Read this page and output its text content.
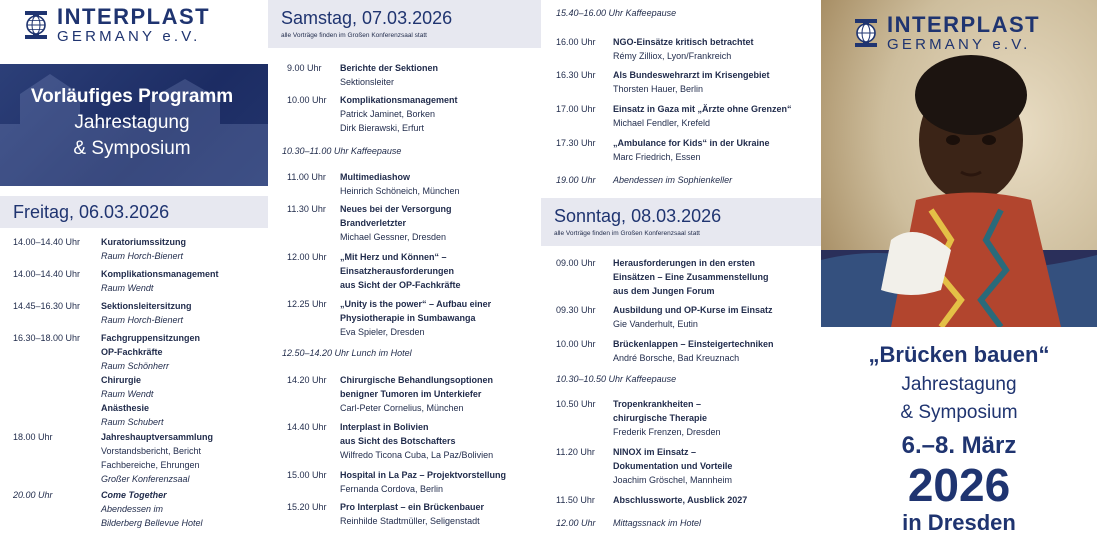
INTERPLAST
GERMANY e.V.
Vorläufiges Programm
Jahrestagung
& Symposium
Freitag, 06.03.2026
14.00–14.40 Uhr Kuratoriumssitzung
Raum Horch-Bienert
14.00–14.40 Uhr Komplikationsmanagement
Raum Wendt
14.45–16.30 Uhr Sektionsleitersitzung
Raum Horch-Bienert
16.30–18.00 Uhr Fachgruppensitzungen
OP-Fachkräfte
Raum Schönherr
Chirurgie
Raum Wendt
Anästhesie
Raum Schubert
18.00 Uhr	Jahreshauptversammlung
Vorstandsbericht, Bericht
Fachbereiche, Ehrungen
Großer Konferenzsaal
20.00 Uhr	Come Together
Abendessen im
Bilderberg Bellevue Hotel
Samstag, 07.03.2026
alle Vorträge finden im Großen Konferenzsaal statt
9.00 Uhr Berichte der Sektionen
Sektionsleiter
10.00 Uhr Komplikationsmanagement
Patrick Jaminet, Borken
Dirk Bierawski, Erfurt
10.30–11.00 Uhr Kaffeepause
11.00 Uhr Multimediashow
Heinrich Schöneich, München
11.30 Uhr Neues bei der Versorgung
Brandverletzter
Michael Gessner, Dresden
12.00 Uhr „Mit Herz und Können“ –
Einsatzherausforderungen
aus Sicht der OP-Fachkräfte
12.25 Uhr „Unity is the power“ – Aufbau einer
Physiotherapie in Sumbawanga
Eva Spieler, Dresden
12.50–14.20 Uhr Lunch im Hotel
14.20 Uhr Chirurgische Behandlungsoptionen
benigner Tumoren im Unterkiefer
Carl-Peter Cornelius, München
14.40 Uhr Interplast in Bolivien
aus Sicht des Botschafters
Wilfredo Ticona Cuba, La Paz/Bolivien
15.00 Uhr Hospital in La Paz – Projektvorstellung
Fernanda Cordova, Berlin
15.20 Uhr Pro Interplast – ein Brückenbauer
Reinhilde Stadtmüller, Seligenstadt
15.40–16.00 Uhr Kaffeepause
16.00 Uhr NGO-Einsätze kritisch betrachtet
Rémy Zilliox, Lyon/Frankreich
16.30 Uhr Als Bundeswehrarzt im Krisengebiet
Thorsten Hauer, Berlin
17.00 Uhr Einsatz in Gaza mit „Ärzte ohne Grenzen“
Michael Fendler, Krefeld
17.30 Uhr „Ambulance for Kids“ in der Ukraine
Marc Friedrich, Essen
19.00 Uhr Abendessen im Sophienkeller
Sonntag, 08.03.2026
alle Vorträge finden im Großen Konferenzsaal statt
09.00 Uhr Herausforderungen in den ersten
Einsätzen – Eine Zusammenstellung
aus dem Jungen Forum
09.30 Uhr Ausbildung und OP-Kurse im Einsatz
Gie Vanderhult, Eutin
10.00 Uhr Brückenlappen – Einsteigertechniken
André Borsche, Bad Kreuznach
10.30–10.50 Uhr Kaffeepause
10.50 Uhr Tropenkrankheiten –
chirurgische Therapie
Frederik Frenzen, Dresden
11.20 Uhr NINOX im Einsatz –
Dokumentation und Vorteile
Joachim Gröschel, Mannheim
11.50 Uhr Abschlussworte, Ausblick 2027
12.00 Uhr Mittagssnack im Hotel
INTERPLAST
GERMANY e.V.
„Brücken bauen“
Jahrestagung
& Symposium
6.–8. März
2026
in Dresden
